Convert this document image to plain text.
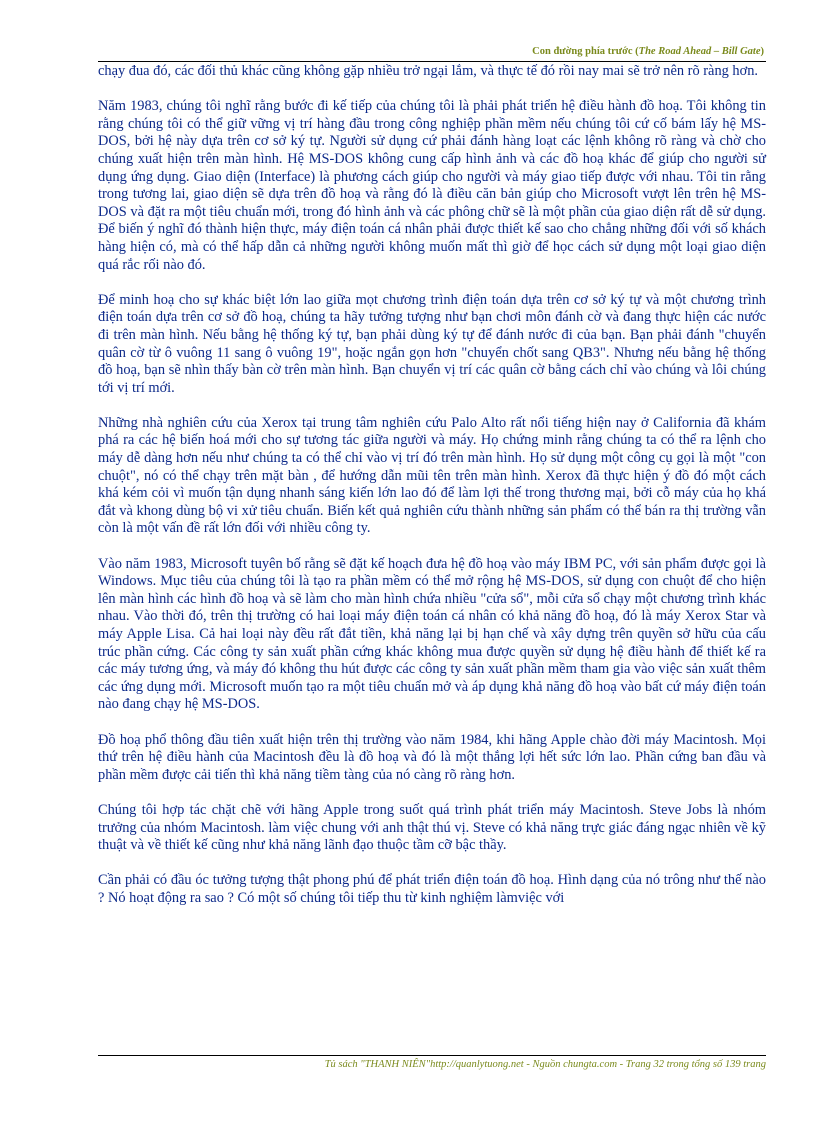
Con đường phía trước (The Road Ahead – Bill Gate)

chạy đua đó, các đối thủ khác cũng không gặp nhiều trở ngại lắm, và thực tế đó rồi nay mai sẽ trở nên rõ ràng hơn.

Năm 1983, chúng tôi nghĩ rằng bước đi kế tiếp của chúng tôi là phải phát triển hệ điều hành đồ hoạ. Tôi không tin rằng chúng tôi có thể giữ vững vị trí hàng đầu trong công nghiệp phần mềm nếu chúng tôi cứ cố bám lấy hệ MS-DOS, bởi hệ này dựa trên cơ sở ký tự. Người sử dụng cứ phải đánh hàng loạt các lệnh không rõ ràng và chờ cho chúng xuất hiện trên màn hình. Hệ MS-DOS không cung cấp hình ảnh và các đồ hoạ khác để giúp cho người sử dụng ứng dụng. Giao diện (Interface) là phương cách giúp cho người và máy giao tiếp được với nhau. Tôi tin rằng trong tương lai, giao diện sẽ dựa trên đồ hoạ và rằng đó là điều căn bản giúp cho Microsoft vượt lên trên hệ MS-DOS và đặt ra một tiêu chuẩn mới, trong đó hình ảnh và các phông chữ sẽ là một phần của giao diện rất dễ sử dụng. Để biến ý nghĩ đó thành hiện thực, máy điện toán cá nhân phải được thiết kế sao cho chẳng những đối với số khách hàng hiện có, mà có thể hấp dẫn cả những người không muốn mất thì giờ để học cách sử dụng một loại giao diện quá rắc rối nào đó.

Để minh hoạ cho sự khác biệt lớn lao giữa mọt chương trình điện toán dựa trên cơ sở ký tự và một chương trình điện toán dựa trên cơ sở đồ hoạ, chúng ta hãy tưởng tượng như bạn chơi môn đánh cờ và đang thực hiện các nước đi trên màn hình. Nếu bằng hệ thống ký tự, bạn phải dùng ký tự để đánh nước đi của bạn. Bạn phải đánh "chuyển quân cờ từ ô vuông 11 sang ô vuông 19", hoặc ngắn gọn hơn "chuyển chốt sang QB3". Nhưng nếu bằng hệ thống đồ hoạ, bạn sẽ nhìn thấy bàn cờ trên màn hình. Bạn chuyển vị trí các quân cờ bằng cách chỉ vào chúng và lôi chúng tới vị trí mới.

Những nhà nghiên cứu của Xerox tại trung tâm nghiên cứu Palo Alto rất nổi tiếng hiện nay ở California đã khám phá ra các hệ biến hoá mới cho sự tương tác giữa người và máy. Họ chứng minh rằng chúng ta có thể ra lệnh cho máy dễ dàng hơn nếu như chúng ta có thể chỉ vào vị trí đó trên màn hình. Họ sử dụng một công cụ gọi là một "con chuột", nó có thể chạy trên mặt bàn , để hướng dẫn mũi tên trên màn hình. Xerox đã thực hiện ý đồ đó một cách khá kém cỏi vì muốn tận dụng nhanh sáng kiến lớn lao đó để làm lợi thế trong thương mại, bởi cỗ máy của họ khá đắt và khong dùng bộ vi xử tiêu chuẩn. Biến kết quả nghiên cứu thành những sản phẩm có thể bán ra thị trường vẫn còn là một vấn đề rất lớn đối với nhiều công ty.

Vào năm 1983, Microsoft tuyên bố rằng sẽ đặt kế hoạch đưa hệ đồ hoạ vào máy IBM PC, với sản phẩm được gọi là Windows. Mục tiêu của chúng tôi là tạo ra phần mềm có thể mở rộng hệ MS-DOS, sử dụng con chuột để cho hiện lên màn hình các hình đồ hoạ và sẽ làm cho màn hình chứa nhiều "cửa sổ", mỗi cửa sổ chạy một chương trình khác nhau. Vào thời đó, trên thị trường có hai loại máy điện toán cá nhân có khả năng đồ hoạ, đó là máy Xerox Star và máy Apple Lisa. Cả hai loại này đều rất đắt tiền, khả năng lại bị hạn chế và xây dựng trên quyền sở hữu của cấu trúc phần cứng. Các công ty sản xuất phần cứng khác không mua được quyền sử dụng hệ điều hành để thiết kế ra các máy tương ứng, và máy đó không thu hút được các công ty sản xuất phần mềm tham gia vào việc sản xuất thêm các ứng dụng mới. Microsoft muốn tạo ra một tiêu chuẩn mở và áp dụng khả năng đồ hoạ vào bất cứ máy điện toán nào đang chạy hệ MS-DOS.

Đồ hoạ phổ thông đầu tiên xuất hiện trên thị trường vào năm 1984, khi hãng Apple chào đời máy Macintosh. Mọi thứ trên hệ điều hành của Macintosh đều là đồ hoạ và đó là một thắng lợi hết sức lớn lao. Phần cứng ban đầu và phần mềm được cải tiến thì khả năng tiềm tàng của nó càng rõ ràng hơn.

Chúng tôi hợp tác chặt chẽ với hãng Apple trong suốt quá trình phát triển máy Macintosh. Steve Jobs là nhóm trưởng của nhóm Macintosh. làm việc chung với anh thật thú vị. Steve có khả năng trực giác đáng ngạc nhiên về kỹ thuật và về thiết kế cũng như khả năng lãnh đạo thuộc tầm cỡ bậc thầy.

Cần phải có đầu óc tưởng tượng thật phong phú để phát triển điện toán đồ hoạ. Hình dạng của nó trông như thế nào ? Nó hoạt động ra sao ? Có một số chúng tôi tiếp thu từ kinh nghiệm làmviệc với

Tủ sách "THANH NIÊN"http://quanlytuong.net - Nguồn chungta.com - Trang 32 trong tổng số 139 trang
